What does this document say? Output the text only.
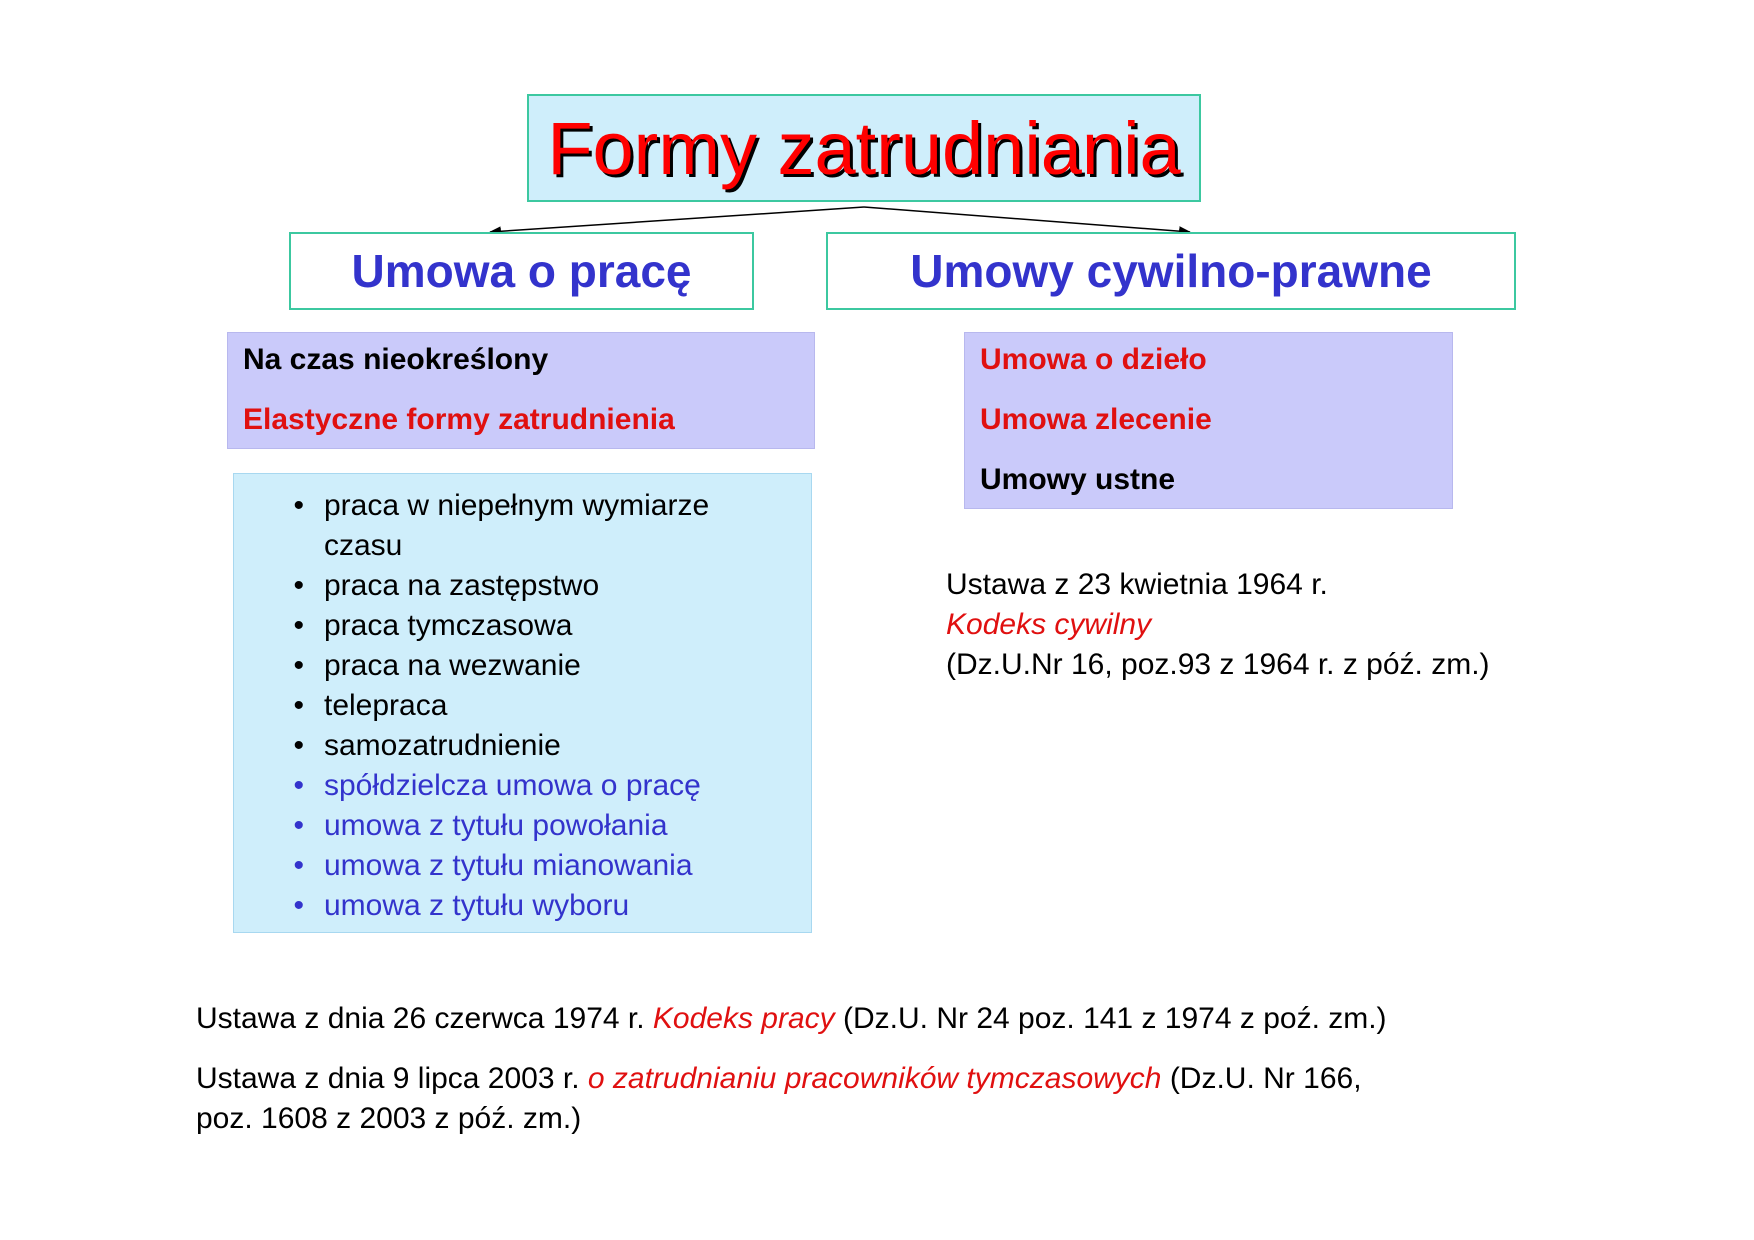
Formy zatrudniania
Umowa o pracę	Umowy cywilno-prawne
Na czas nieokreślony
Elastyczne formy zatrudnienia
Umowa o dzieło
Umowa zlecenie
Umowy ustne
• praca w niepełnym wymiarze czasu
• praca na zastępstwo
• praca tymczasowa
• praca na wezwanie
• telepraca
• samozatrudnienie
• spółdzielcza umowa o pracę
• umowa z tytułu powołania
• umowa z tytułu mianowania
• umowa z tytułu wyboru
Ustawa z 23 kwietnia 1964 r.
Kodeks cywilny
(Dz.U.Nr 16, poz.93 z 1964 r. z póź. zm.)
Ustawa z dnia 26 czerwca 1974 r. Kodeks pracy (Dz.U. Nr 24 poz. 141 z 1974 z poź. zm.)
Ustawa z dnia 9 lipca 2003 r. o zatrudnianiu pracowników tymczasowych (Dz.U. Nr 166,
poz. 1608 z 2003 z póź. zm.)
